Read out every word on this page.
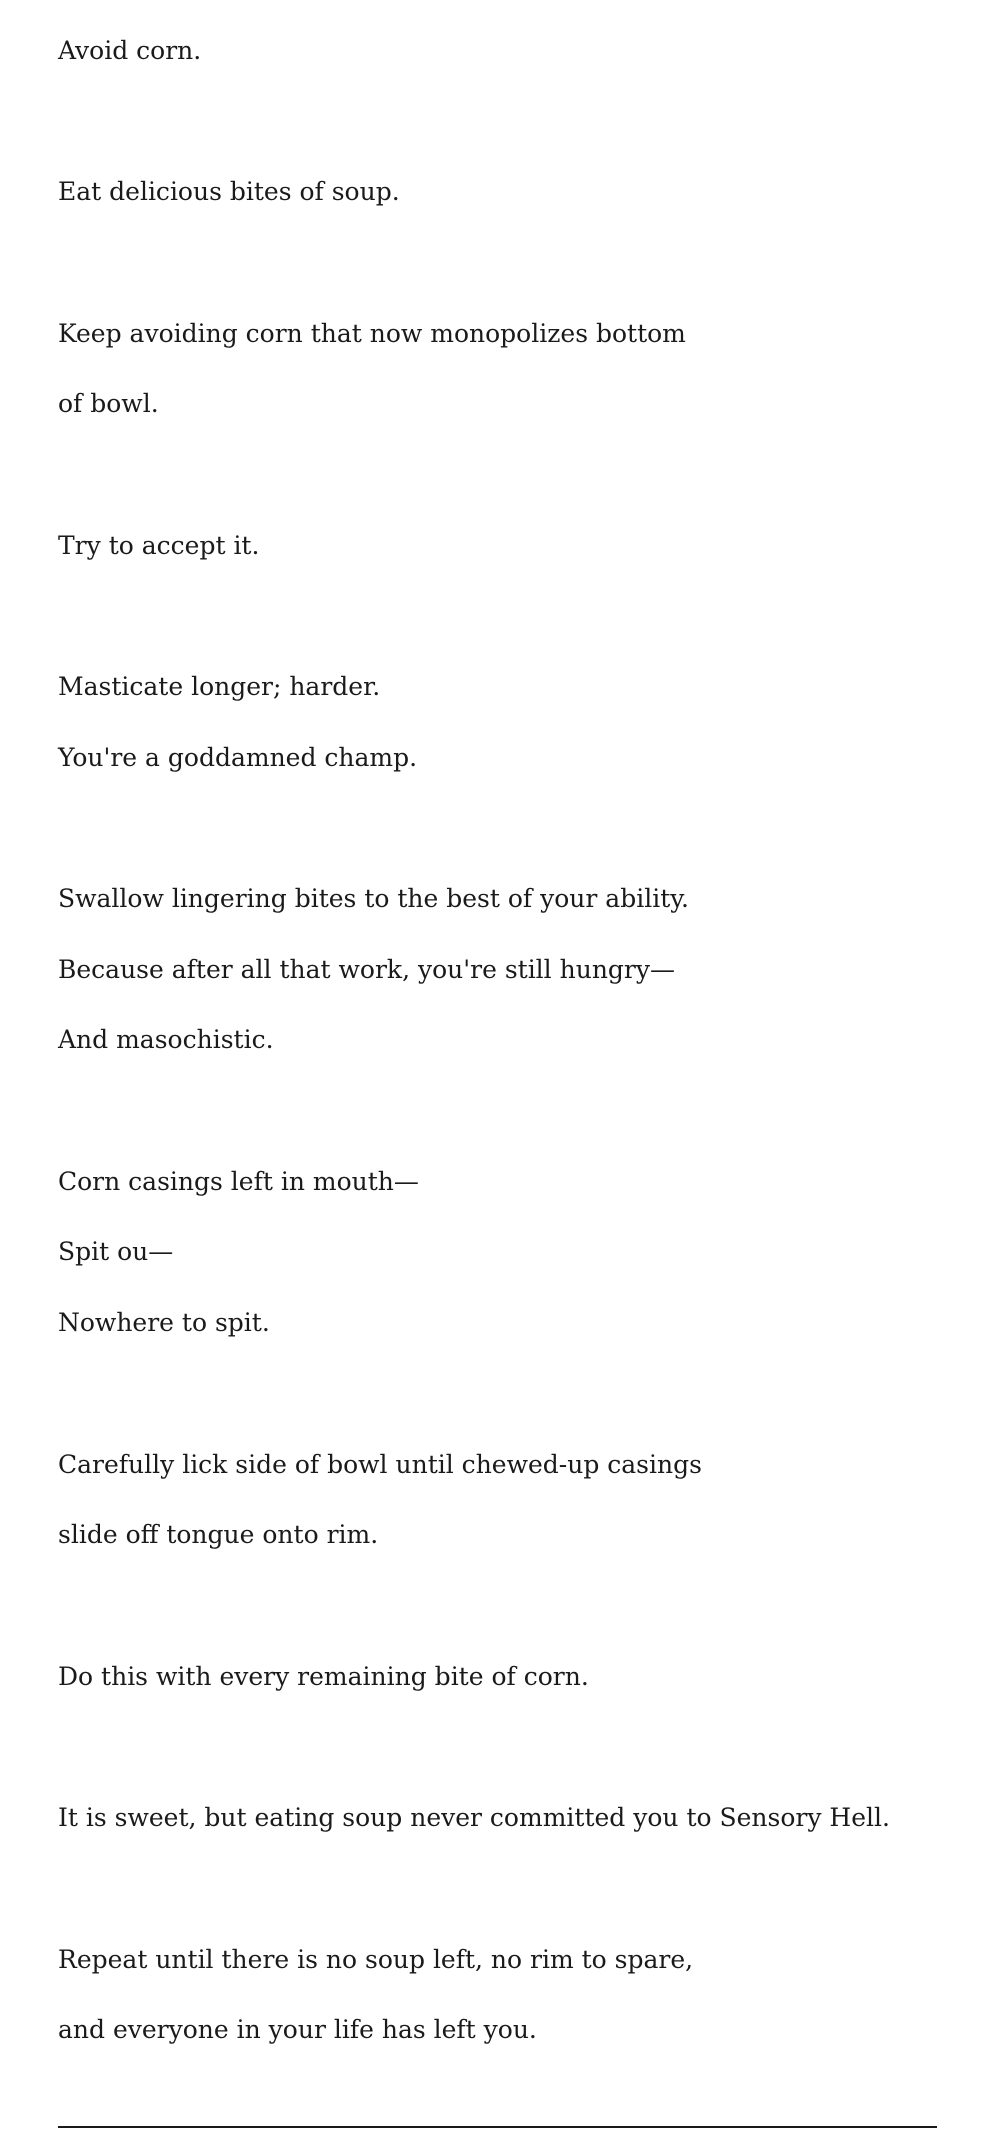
Avoid corn.

Eat delicious bites of soup.

Keep avoiding corn that now monopolizes bottom

of bowl.

Try to accept it.

Masticate longer; harder.

You're a goddamned champ.

Swallow lingering bites to the best of your ability.

Because after all that work, you're still hungry—

And masochistic.

Corn casings left in mouth—

Spit ou—

Nowhere to spit.

Carefully lick side of bowl until chewed-up casings

slide off tongue onto rim.

Do this with every remaining bite of corn.

It is sweet, but eating soup never committed you to Sensory Hell.

Repeat until there is no soup left, no rim to spare,

and everyone in your life has left you.
